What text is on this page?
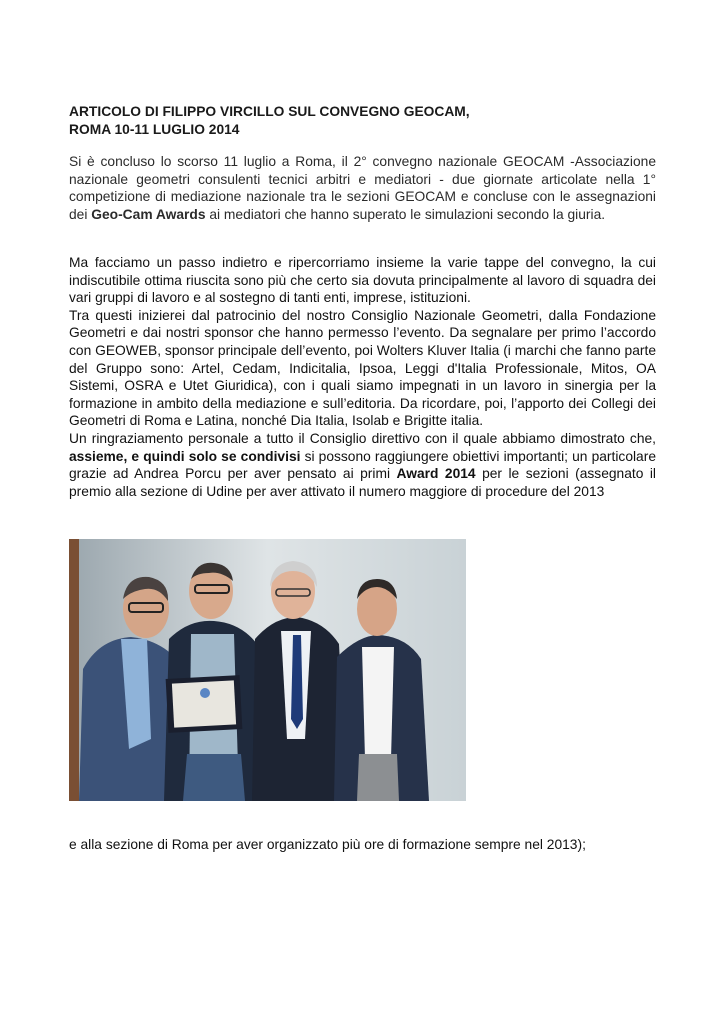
ARTICOLO DI FILIPPO VIRCILLO SUL CONVEGNO GEOCAM,
ROMA 10-11 LUGLIO 2014

Si è concluso lo scorso 11 luglio a Roma, il 2° convegno nazionale GEOCAM -Associazione nazionale geometri consulenti tecnici arbitri e mediatori - due giornate articolate nella 1° competizione di mediazione nazionale tra le sezioni GEOCAM e concluse con le assegnazioni dei Geo-Cam Awards ai mediatori che hanno superato le simulazioni secondo la giuria.

Ma facciamo un passo indietro e ripercorriamo insieme la varie tappe del convegno, la cui indiscutibile ottima riuscita sono più che certo sia dovuta principalmente al lavoro di squadra dei vari gruppi di lavoro e al sostegno di tanti enti, imprese, istituzioni.

Tra questi inizierei dal patrocinio del nostro Consiglio Nazionale Geometri, dalla Fondazione Geometri e dai nostri sponsor che hanno permesso l’evento. Da segnalare per primo l’accordo con GEOWEB, sponsor principale dell’evento, poi Wolters Kluver Italia (i marchi che fanno parte del Gruppo sono: Artel, Cedam, Indicitalia, Ipsoa, Leggi d'Italia Professionale, Mitos, OA Sistemi, OSRA e Utet Giuridica), con i quali siamo impegnati in un lavoro in sinergia per la formazione in ambito della mediazione e sull’editoria. Da ricordare, poi, l’apporto dei Collegi dei Geometri di Roma e Latina, nonché Dia Italia, Isolab e Brigitte italia.

Un ringraziamento personale a tutto il Consiglio direttivo con il quale abbiamo dimostrato che, assieme, e quindi solo se condivisi si possono raggiungere obiettivi importanti; un particolare grazie ad Andrea Porcu per aver pensato ai primi Award 2014 per le sezioni (assegnato il premio alla sezione di Udine per aver attivato il numero maggiore di procedure del 2013

e alla sezione di Roma per aver organizzato più ore di formazione sempre nel 2013);
